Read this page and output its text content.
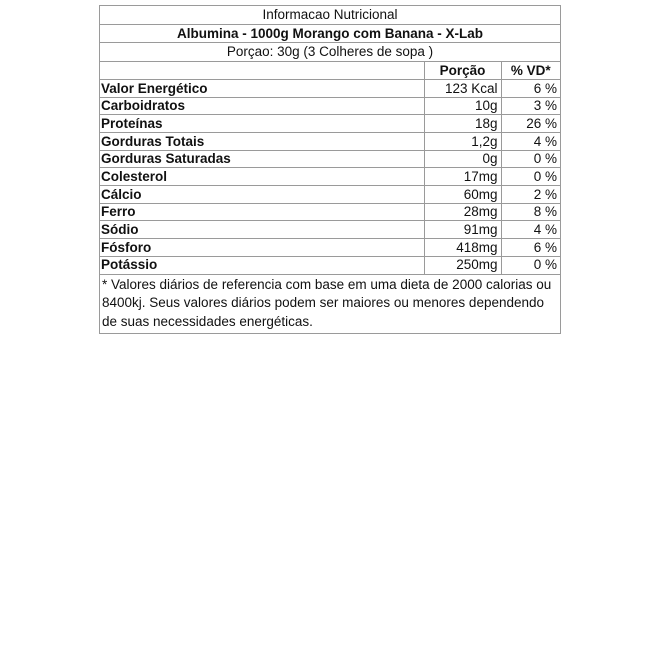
Informacao Nutricional
Albumina - 1000g Morango com Banana - X-Lab
Porçao: 30g (3 Colheres de sopa )
	Porção	% VD*
Valor Energético	123 Kcal	6 %
Carboidratos	10g	3 %
Proteínas	18g	26 %
Gorduras Totais	1,2g	4 %
Gorduras Saturadas	0g	0 %
Colesterol	17mg	0 %
Cálcio	60mg	2 %
Ferro	28mg	8 %
Sódio	91mg	4 %
Fósforo	418mg	6 %
Potássio	250mg	0 %
* Valores diários de referencia com base em uma dieta de 2000 calorias ou 8400kj. Seus valores diários podem ser maiores ou menores dependendo de suas necessidades energéticas.
